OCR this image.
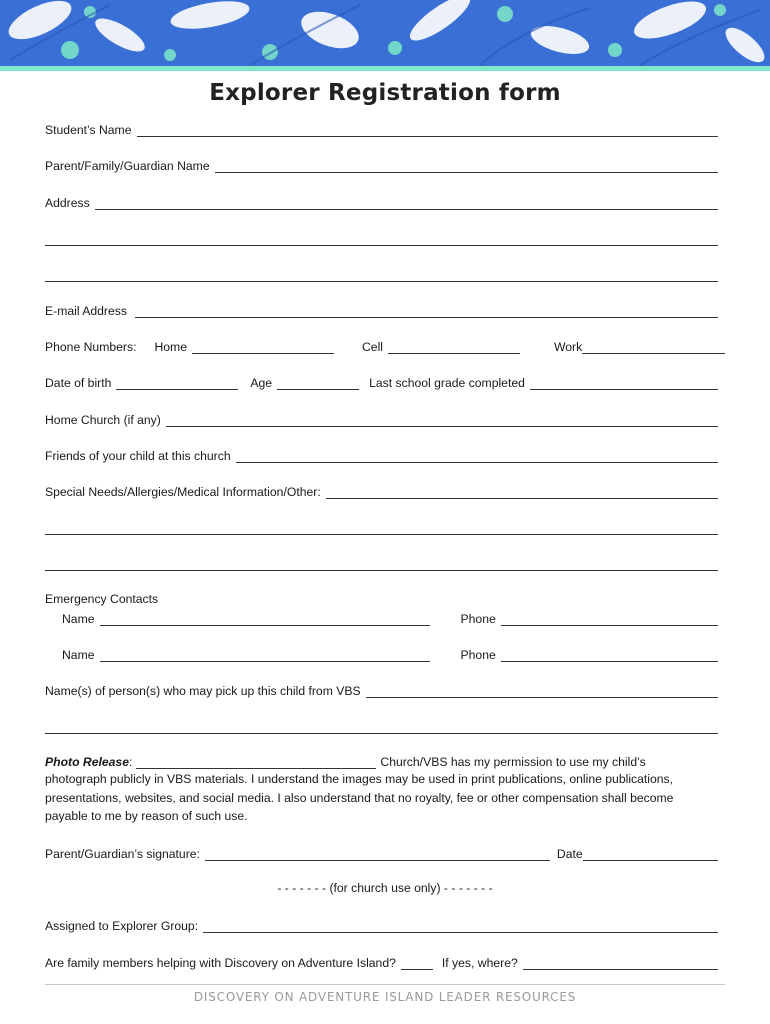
Explorer Registration form
Student’s Name
Parent/Family/Guardian Name
Address
E-mail Address
Phone Numbers:	Home	Cell	Work
Date of birth	Age	Last school grade completed
Home Church (if any)
Friends of your child at this church
Special Needs/Allergies/Medical Information/Other:
Emergency Contacts
Name	Phone
Name	Phone
Name(s) of person(s) who may pick up this child from VBS
Photo Release :	Church/VBS has my permission to use my child’s
photograph publicly in VBS materials. I understand the images may be used in print publications, online publications, presentations, websites, and social media. I also understand that no royalty, fee or other compensation shall become payable to me by reason of such use.
Parent/Guardian’s signature:	Date
- - - - - - - (for church use only) - - - - - - -
Assigned to Explorer Group:
Are family members helping with Discovery on Adventure Island?	If yes, where?
DISCOVERY ON ADVENTURE ISLAND LEADER RESOURCES
